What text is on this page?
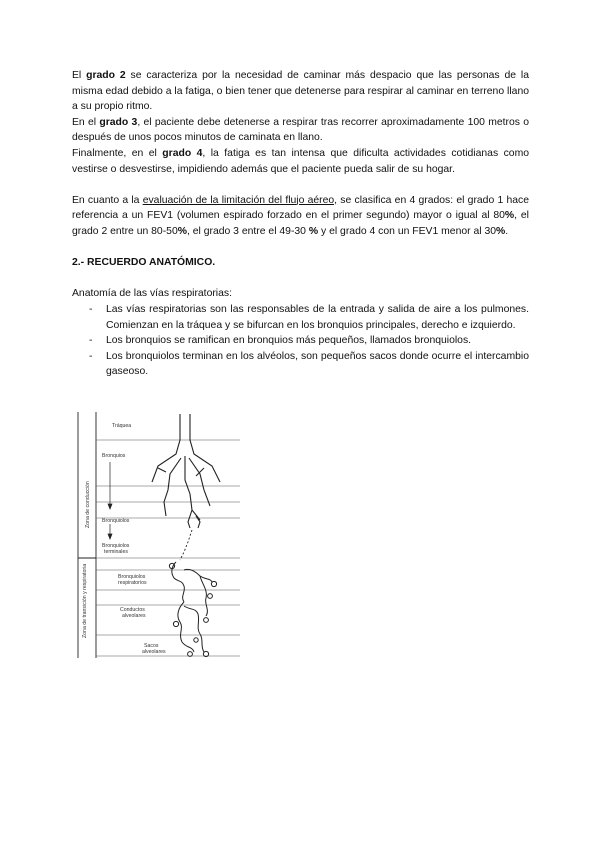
El grado 2 se caracteriza por la necesidad de caminar más despacio que las personas de la misma edad debido a la fatiga, o bien tener que detenerse para respirar al caminar en terreno llano a su propio ritmo.

En el grado 3, el paciente debe detenerse a respirar tras recorrer aproximadamente 100 metros o después de unos pocos minutos de caminata en llano.

Finalmente, en el grado 4, la fatiga es tan intensa que dificulta actividades cotidianas como vestirse o desvestirse, impidiendo además que el paciente pueda salir de su hogar.

En cuanto a la evaluación de la limitación del flujo aéreo, se clasifica en 4 grados: el grado 1 hace referencia a un FEV1 (volumen espirado forzado en el primer segundo) mayor o igual al 80%, el grado 2 entre un 80-50%, el grado 3 entre el 49-30 % y el grado 4 con un FEV1 menor al 30%.

2.- RECUERDO ANATÓMICO.

Anatomía de las vías respiratorias:

- Las vías respiratorias son las responsables de la entrada y salida de aire a los pulmones. Comienzan en la tráquea y se bifurcan en los bronquios principales, derecho e izquierdo.
- Los bronquios se ramifican en bronquios más pequeños, llamados bronquiolos.
- Los bronquiolos terminan en los alvéolos, son pequeños sacos donde ocurre el intercambio gaseoso.
Zona de conducción
Zona de transición y respiratoria
Tráquea
Bronquios
Bronquiolos
Bronquiolos
terminales
Bronquiolos
respiratorios
Conductos
alveolares
Sacos
alveolares
